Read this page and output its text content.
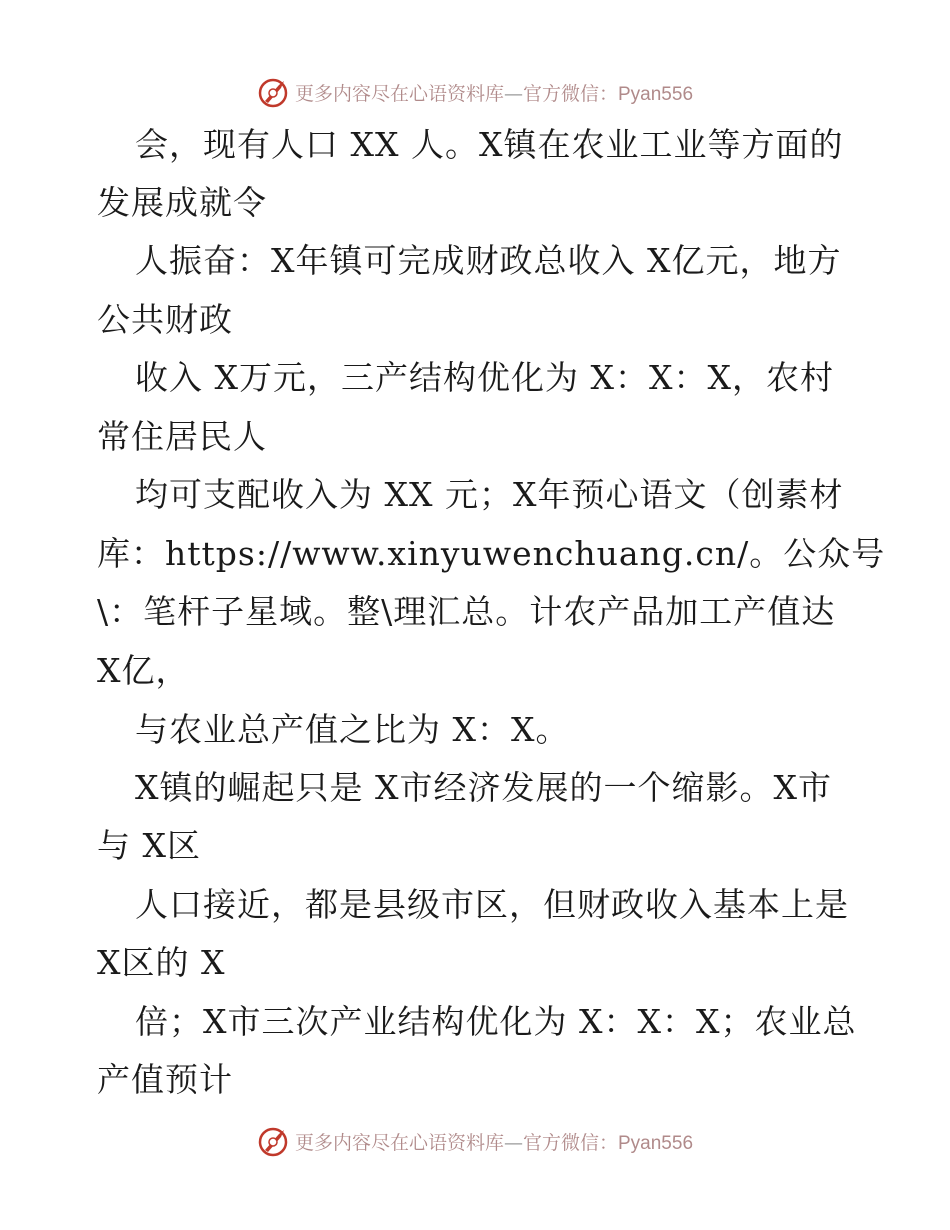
更多内容尽在心语资料库—官方微信：Pyan556
会，现有人口 XX 人。X镇在农业工业等方面的
发展成就令
人振奋：X年镇可完成财政总收入 X亿元，地方
公共财政
收入 X万元，三产结构优化为 X：X：X，农村
常住居民人
均可支配收入为 XX 元；X年预心语文（创素材
库：https://www.xinyuwenchuang.cn/。公众号
\：笔杆子星域。整\理汇总。计农产品加工产值达
X亿，
与农业总产值之比为 X：X。
X镇的崛起只是 X市经济发展的一个缩影。X市
与 X区
人口接近，都是县级市区，但财政收入基本上是
X区的 X
倍；X市三次产业结构优化为 X：X：X；农业总
产值预计
更多内容尽在心语资料库—官方微信：Pyan556
